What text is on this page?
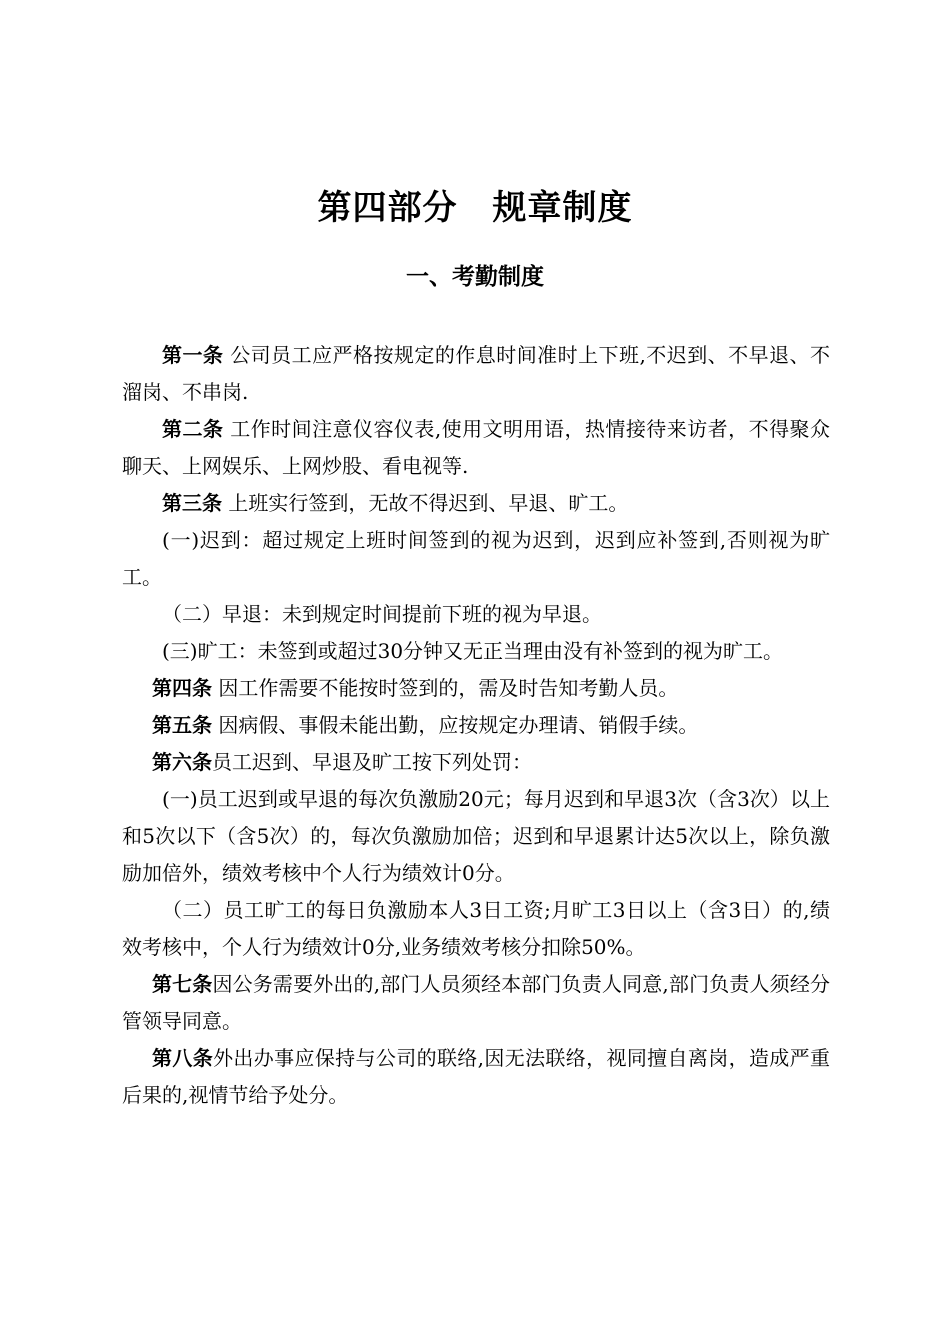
第四部分　规章制度
一、考勤制度

第一条 公司员工应严格按规定的作息时间准时上下班,不迟到、不早退、不溜岗、不串岗.

第二条 工作时间注意仪容仪表,使用文明用语，热情接待来访者，不得聚众聊天、上网娱乐、上网炒股、看电视等.

第三条 上班实行签到，无故不得迟到、早退、旷工。

(一)迟到：超过规定上班时间签到的视为迟到，迟到应补签到,否则视为旷工。

（二）早退：未到规定时间提前下班的视为早退。

(三)旷工：未签到或超过30分钟又无正当理由没有补签到的视为旷工。

第四条 因工作需要不能按时签到的，需及时告知考勤人员。

第五条 因病假、事假未能出勤，应按规定办理请、销假手续。

第六条员工迟到、早退及旷工按下列处罚：

(一)员工迟到或早退的每次负激励20元；每月迟到和早退3次（含3次）以上和5次以下（含5次）的，每次负激励加倍；迟到和早退累计达5次以上，除负激励加倍外，绩效考核中个人行为绩效计0分。

（二）员工旷工的每日负激励本人3日工资;月旷工3日以上（含3日）的,绩效考核中，个人行为绩效计0分,业务绩效考核分扣除50%。

第七条因公务需要外出的,部门人员须经本部门负责人同意,部门负责人须经分管领导同意。

第八条外出办事应保持与公司的联络,因无法联络，视同擅自离岗，造成严重后果的,视情节给予处分。
